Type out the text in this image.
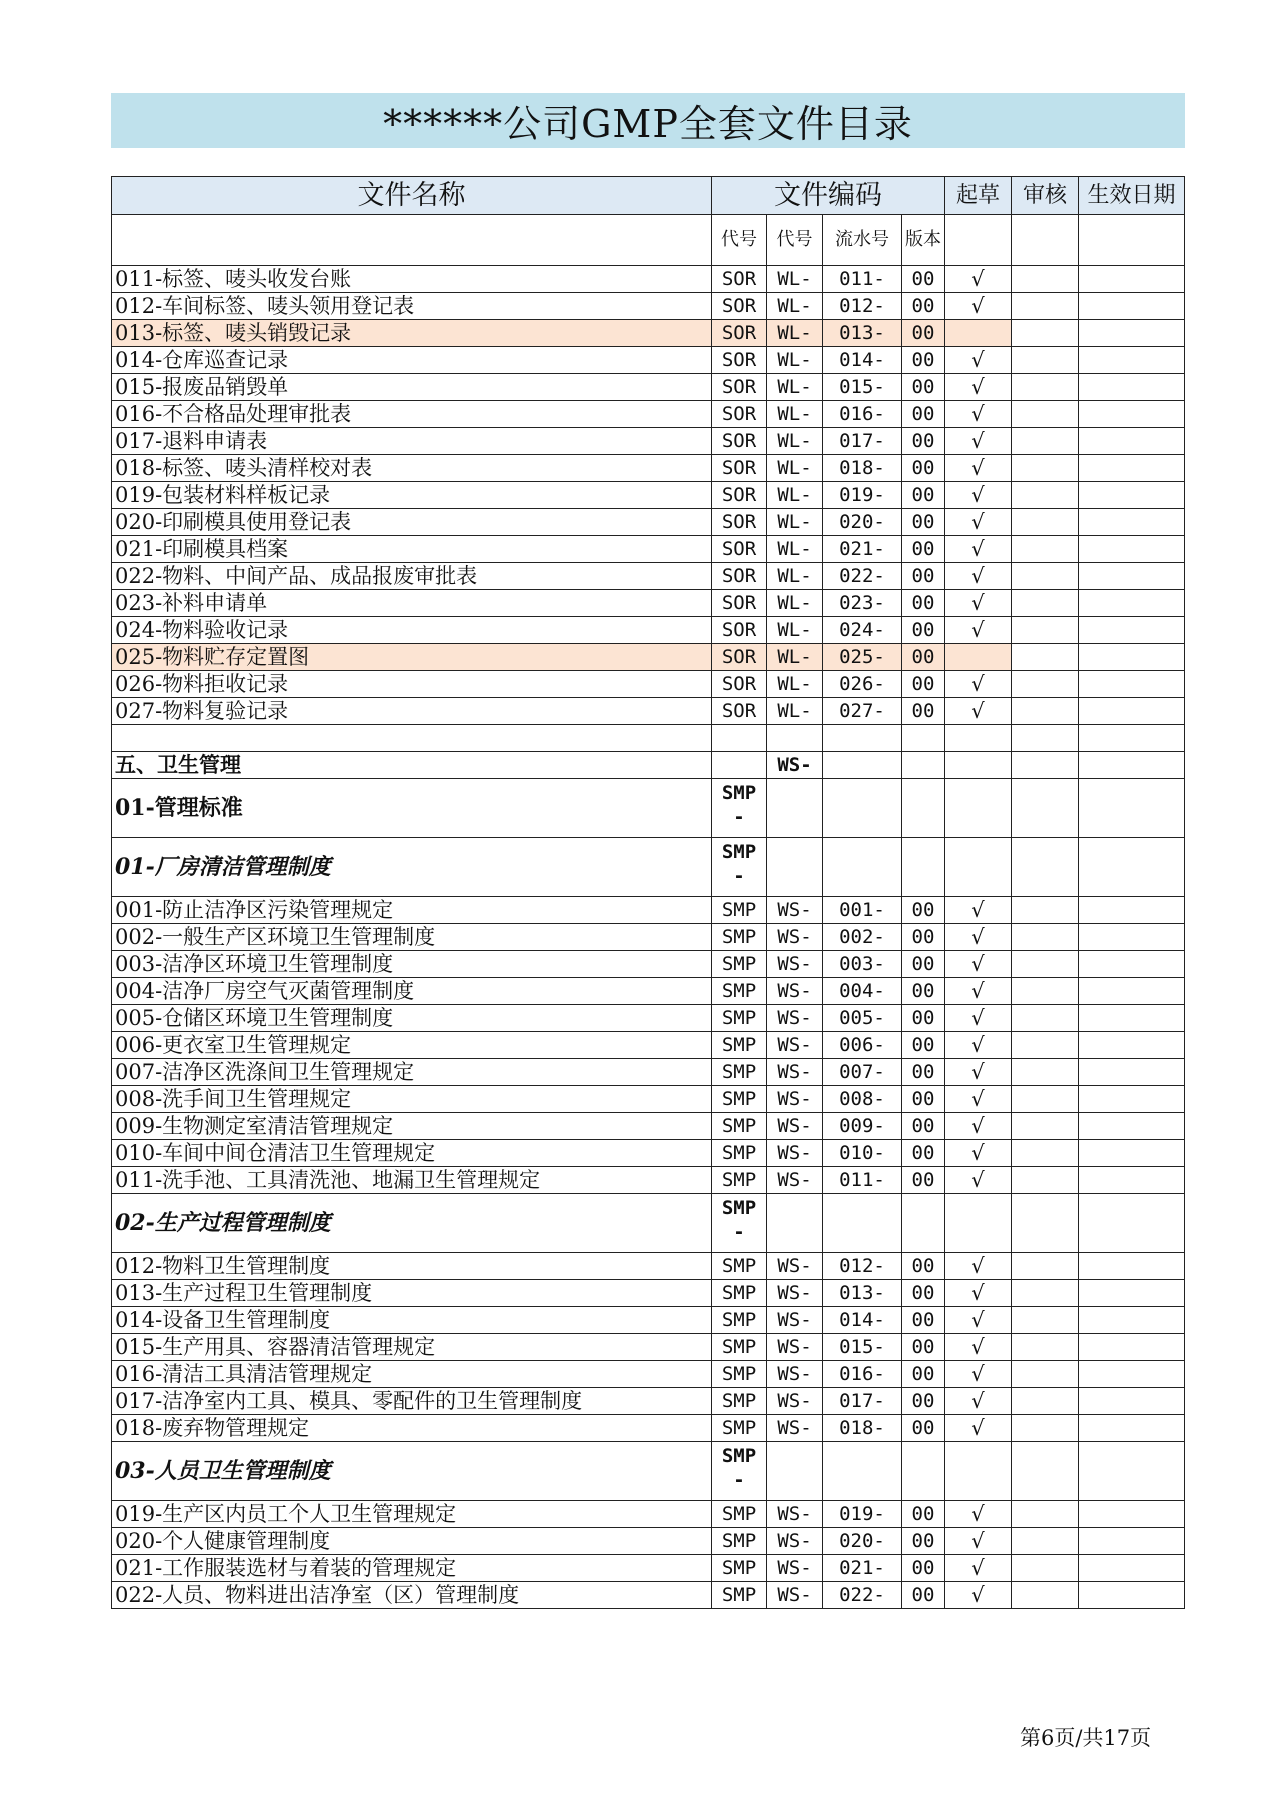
******公司GMP全套文件目录
文件名称	文件编码				起草	审核	生效日期
	代号	代号	流水号	版本			
011-标签、唛头收发台账	SOR	WL-	011-	00	√		
012-车间标签、唛头领用登记表	SOR	WL-	012-	00	√		
013-标签、唛头销毁记录	SOR	WL-	013-	00			
014-仓库巡查记录	SOR	WL-	014-	00	√		
015-报废品销毁单	SOR	WL-	015-	00	√		
016-不合格品处理审批表	SOR	WL-	016-	00	√		
017-退料申请表	SOR	WL-	017-	00	√		
018-标签、唛头清样校对表	SOR	WL-	018-	00	√		
019-包装材料样板记录	SOR	WL-	019-	00	√		
020-印刷模具使用登记表	SOR	WL-	020-	00	√		
021-印刷模具档案	SOR	WL-	021-	00	√		
022-物料、中间产品、成品报废审批表	SOR	WL-	022-	00	√		
023-补料申请单	SOR	WL-	023-	00	√		
024-物料验收记录	SOR	WL-	024-	00	√		
025-物料贮存定置图	SOR	WL-	025-	00			
026-物料拒收记录	SOR	WL-	026-	00	√		
027-物料复验记录	SOR	WL-	027-	00	√		

五、卫生管理		WS-					
01-管理标准	SMP
-						

01-厂房清洁管理制度	SMP
-						

001-防止洁净区污染管理规定	SMP	WS-	001-	00	√		
002-一般生产区环境卫生管理制度	SMP	WS-	002-	00	√		
003-洁净区环境卫生管理制度	SMP	WS-	003-	00	√		
004-洁净厂房空气灭菌管理制度	SMP	WS-	004-	00	√		
005-仓储区环境卫生管理制度	SMP	WS-	005-	00	√		
006-更衣室卫生管理规定	SMP	WS-	006-	00	√		
007-洁净区洗涤间卫生管理规定	SMP	WS-	007-	00	√		
008-洗手间卫生管理规定	SMP	WS-	008-	00	√		
009-生物测定室清洁管理规定	SMP	WS-	009-	00	√		
010-车间中间仓清洁卫生管理规定	SMP	WS-	010-	00	√		
011-洗手池、工具清洗池、地漏卫生管理规定	SMP	WS-	011-	00	√		
02-生产过程管理制度	SMP
-						

012-物料卫生管理制度	SMP	WS-	012-	00	√		
013-生产过程卫生管理制度	SMP	WS-	013-	00	√		
014-设备卫生管理制度	SMP	WS-	014-	00	√		
015-生产用具、容器清洁管理规定	SMP	WS-	015-	00	√		
016-清洁工具清洁管理规定	SMP	WS-	016-	00	√		
017-洁净室内工具、模具、零配件的卫生管理制度	SMP	WS-	017-	00	√		
018-废弃物管理规定	SMP	WS-	018-	00	√		
03-人员卫生管理制度	SMP
-						

019-生产区内员工个人卫生管理规定	SMP	WS-	019-	00	√		
020-个人健康管理制度	SMP	WS-	020-	00	√		
021-工作服装选材与着装的管理规定	SMP	WS-	021-	00	√		
022-人员、物料进出洁净室（区）管理制度	SMP	WS-	022-	00	√		
第6页/共17页
